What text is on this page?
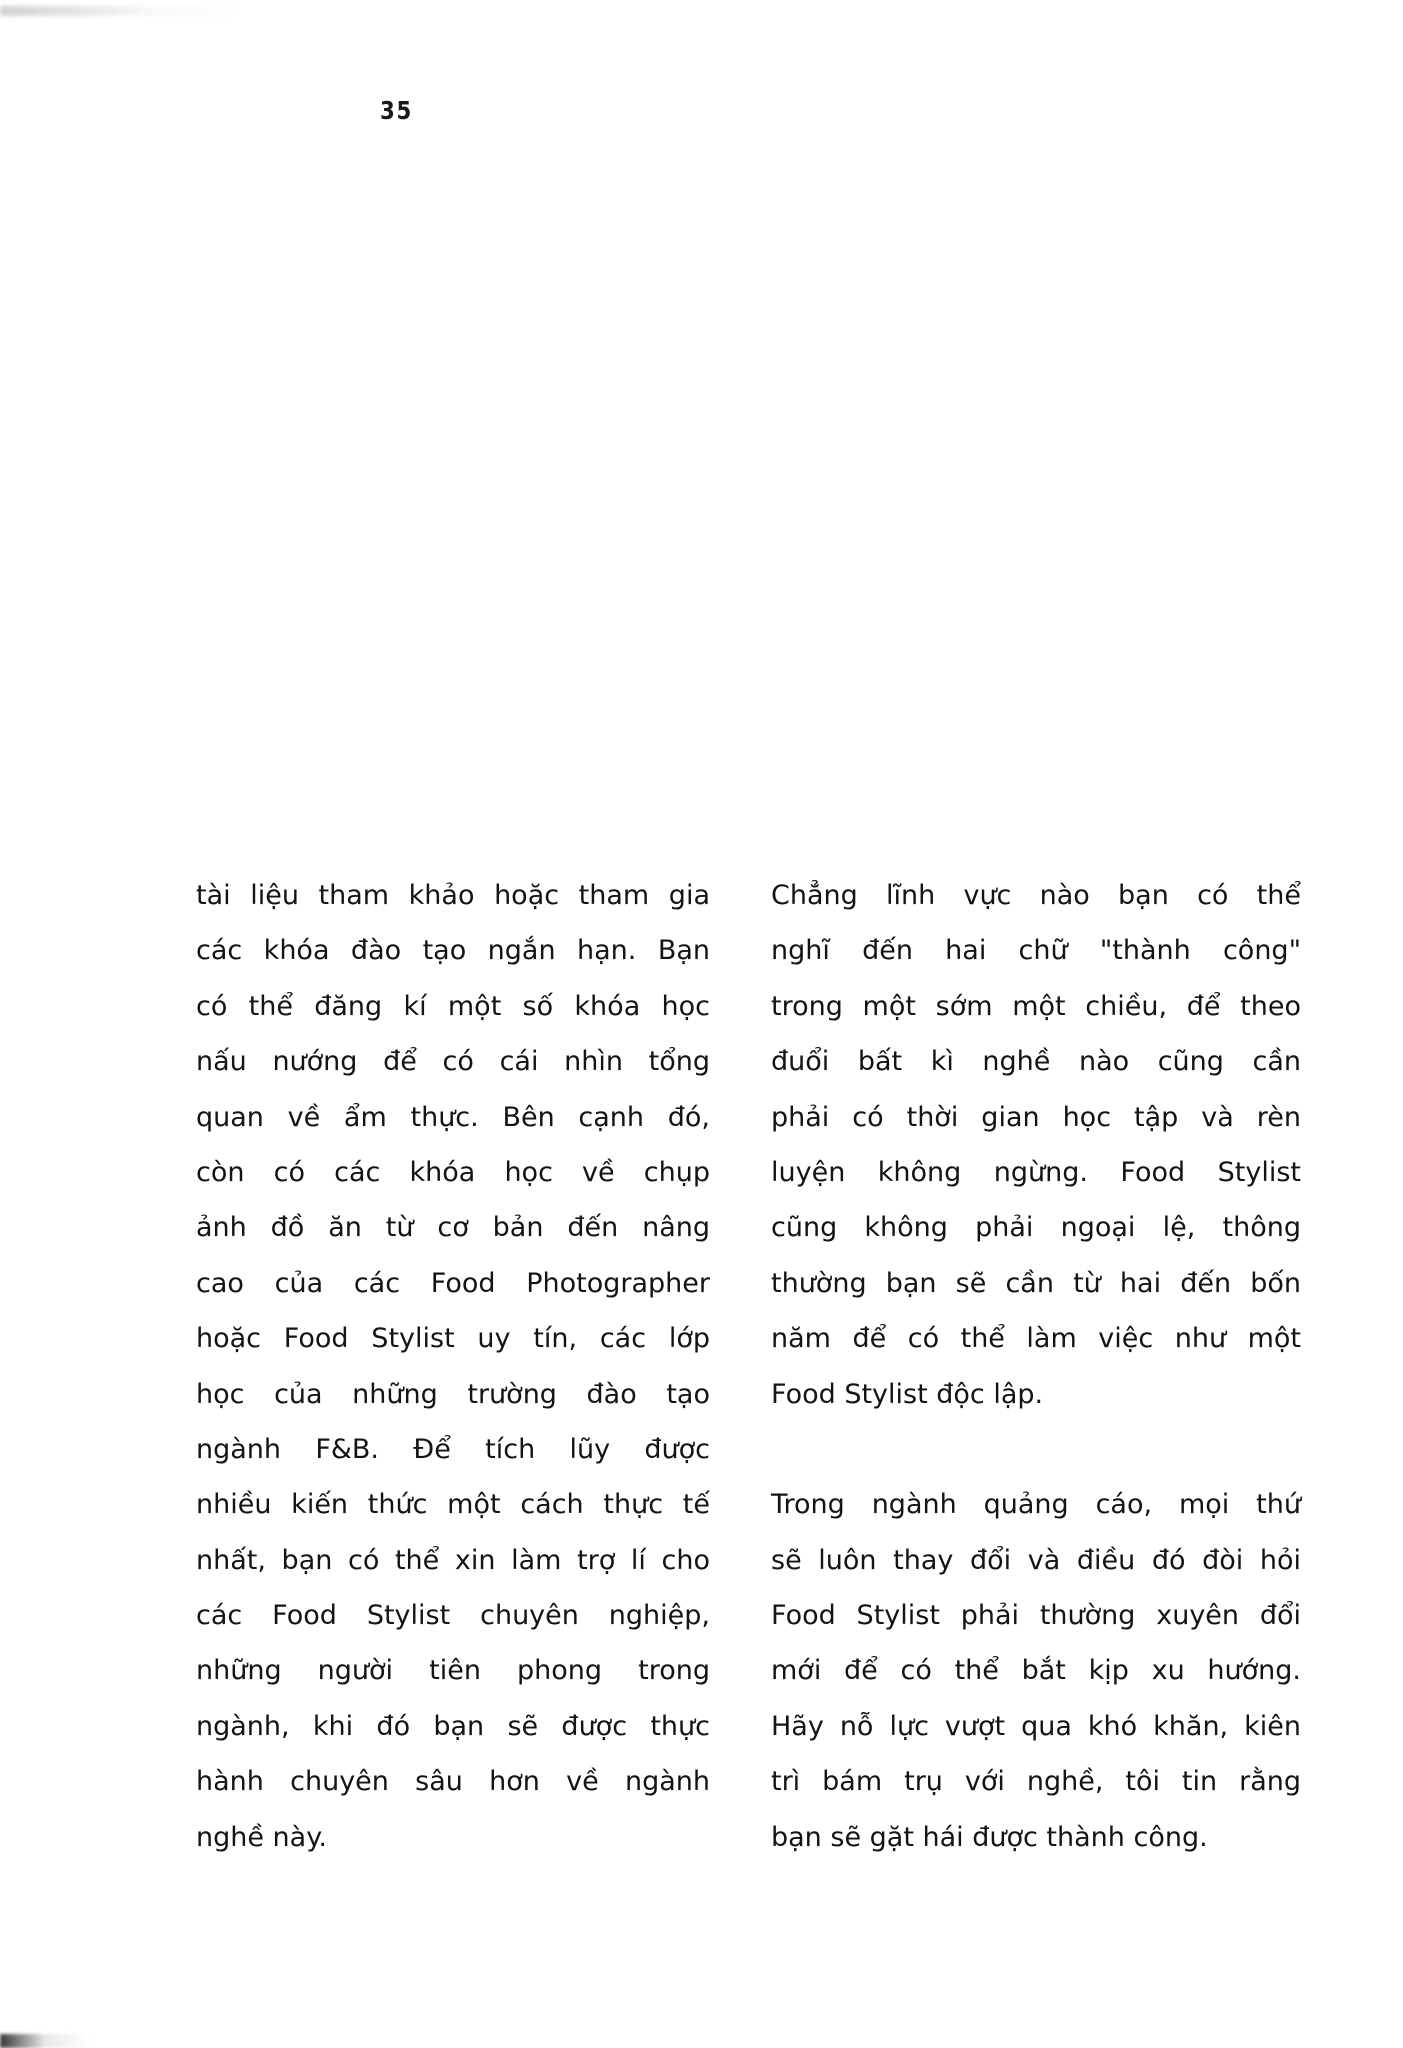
35

tài liệu tham khảo hoặc tham gia
các khóa đào tạo ngắn hạn. Bạn
có thể đăng kí một số khóa học
nấu nướng để có cái nhìn tổng
quan về ẩm thực. Bên cạnh đó,
còn có các khóa học về chụp
ảnh đồ ăn từ cơ bản đến nâng
cao của các Food Photographer
hoặc Food Stylist uy tín, các lớp
học của những trường đào tạo
ngành F&B. Để tích lũy được
nhiều kiến thức một cách thực tế
nhất, bạn có thể xin làm trợ lí cho
các Food Stylist chuyên nghiệp,
những người tiên phong trong
ngành, khi đó bạn sẽ được thực
hành chuyên sâu hơn về ngành
nghề này.

Chẳng lĩnh vực nào bạn có thể
nghĩ đến hai chữ "thành công"
trong một sớm một chiều, để theo
đuổi bất kì nghề nào cũng cần
phải có thời gian học tập và rèn
luyện không ngừng. Food Stylist
cũng không phải ngoại lệ, thông
thường bạn sẽ cần từ hai đến bốn
năm để có thể làm việc như một
Food Stylist độc lập.

Trong ngành quảng cáo, mọi thứ
sẽ luôn thay đổi và điều đó đòi hỏi
Food Stylist phải thường xuyên đổi
mới để có thể bắt kịp xu hướng.
Hãy nỗ lực vượt qua khó khăn, kiên
trì bám trụ với nghề, tôi tin rằng
bạn sẽ gặt hái được thành công.
